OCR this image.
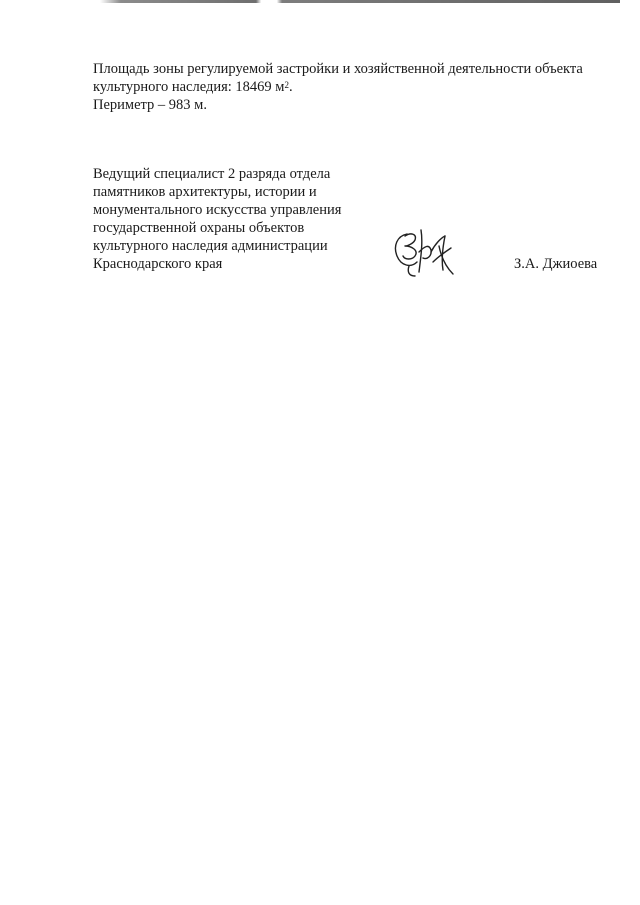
Площадь зоны регулируемой застройки и хозяйственной деятельности объекта
культурного наследия: 18469 $м^2$.
Периметр – 983 м.
Ведущий специалист 2 разряда отдела
памятников архитектуры, истории и
монументального искусства управления
государственной охраны объектов
культурного наследия администрации
Краснодарского края	З.А. Джиоева
